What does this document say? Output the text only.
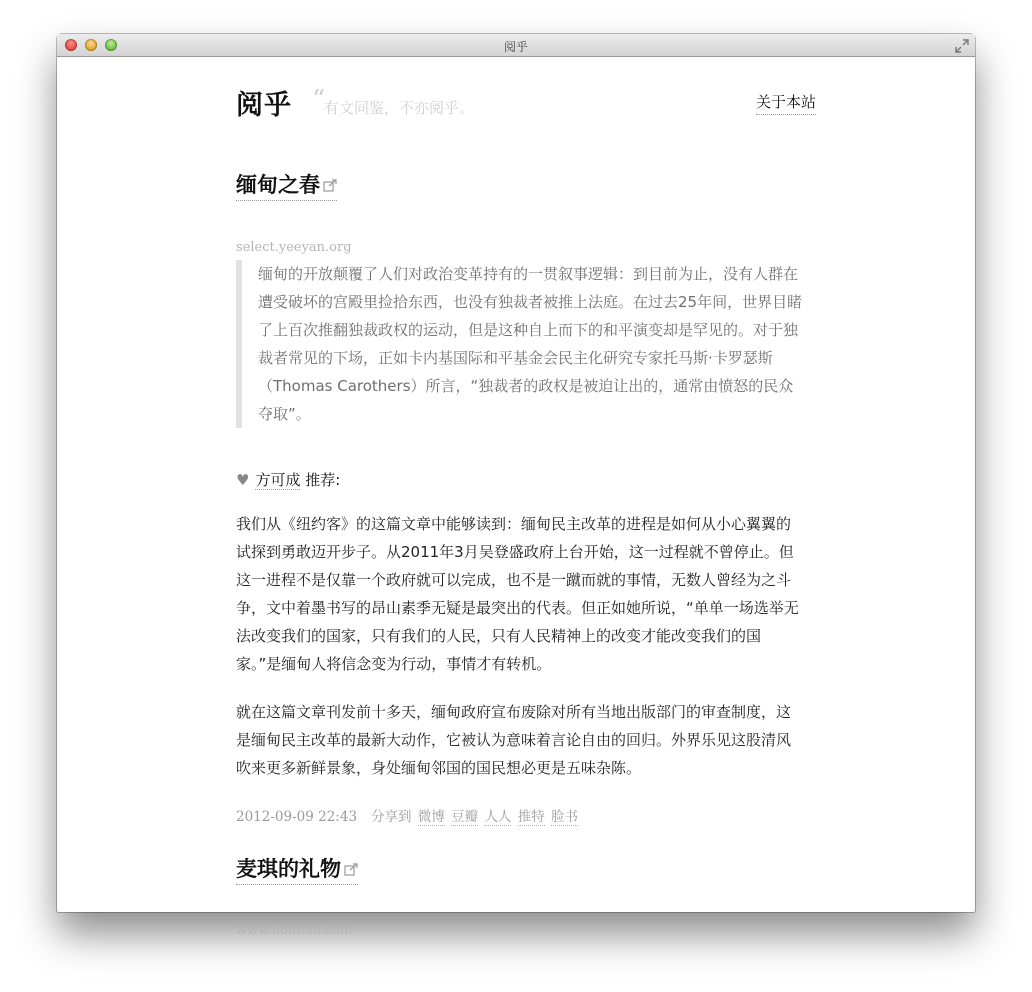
阅乎
阅乎 “
有文同鉴，不亦阅乎。	关于本站
缅甸之春
select.yeeyan.org
缅甸的开放颠覆了人们对政治变革持有的一贯叙事逻辑：到目前为止，没有人群在遭受破坏的宫殿里捡拾东西，也没有独裁者被推上法庭。在过去25年间，世界目睹了上百次推翻独裁政权的运动，但是这种自上而下的和平演变却是罕见的。对于独裁者常见的下场，正如卡内基国际和平基金会民主化研究专家托马斯·卡罗瑟斯（Thomas Carothers）所言，“独裁者的政权是被迫让出的，通常由愤怒的民众夺取”。
♥ 方可成 推荐:

我们从《纽约客》的这篇文章中能够读到：缅甸民主改革的进程是如何从小心翼翼的试探到勇敢迈开步子。从2011年3月吴登盛政府上台开始，这一过程就不曾停止。但这一进程不是仅靠一个政府就可以完成，也不是一蹴而就的事情，无数人曾经为之斗争，文中着墨书写的昂山素季无疑是最突出的代表。但正如她所说，“单单一场选举无法改变我们的国家，只有我们的人民，只有人民精神上的改变才能改变我们的国家。”是缅甸人将信念变为行动，事情才有转机。

就在这篇文章刊发前十多天，缅甸政府宣布废除对所有当地出版部门的审查制度，这是缅甸民主改革的最新大动作，它被认为意味着言论自由的回归。外界乐见这股清风吹来更多新鲜景象，身处缅甸邻国的国民想必更是五味杂陈。

2012-09-09 22:43 分享到 微博 豆瓣 人人 推特 脸书
麦琪的礼物
www.douban.com
